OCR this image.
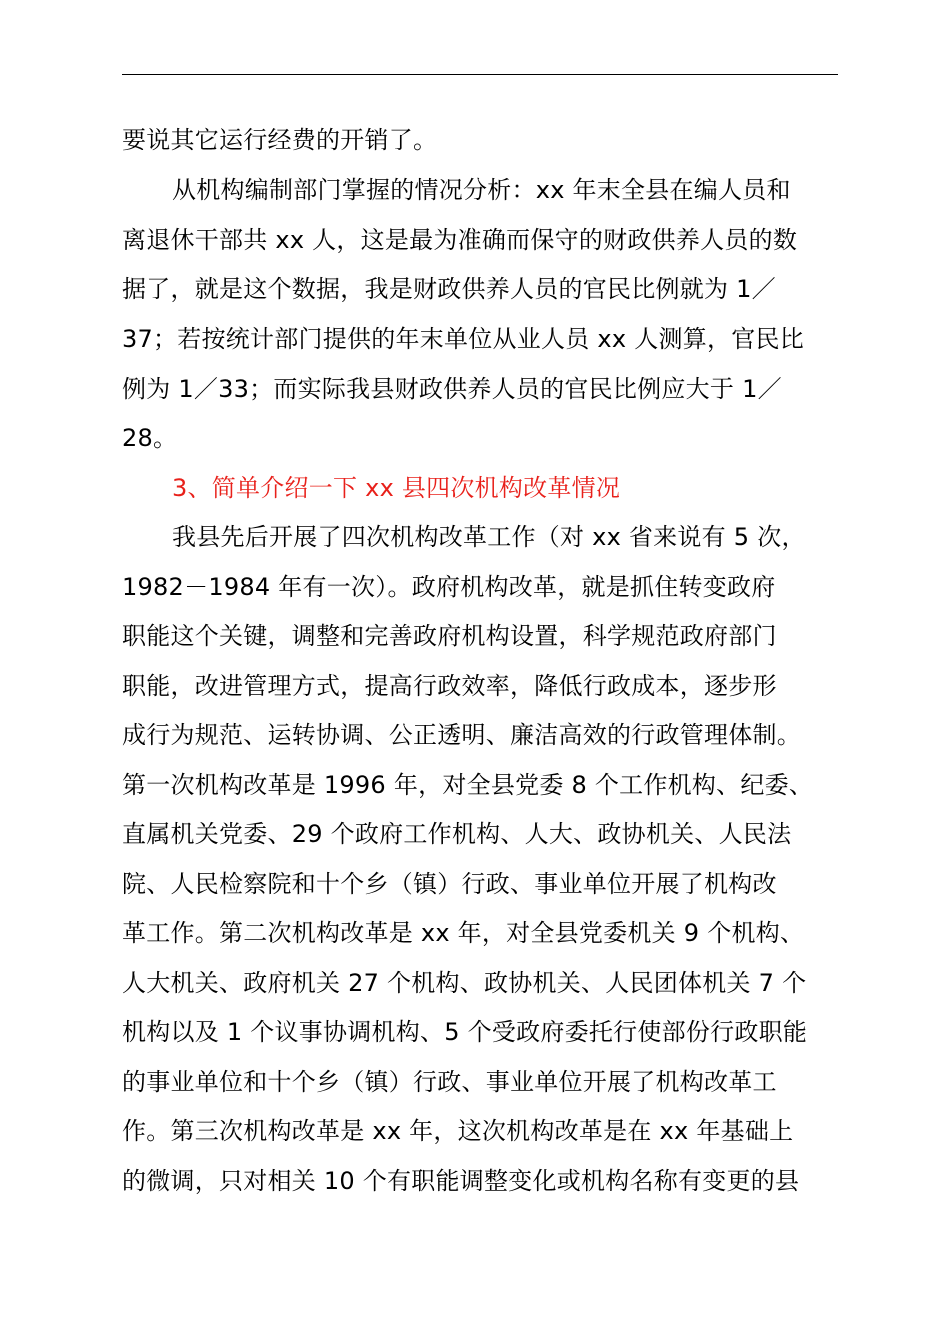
要说其它运行经费的开销了。
从机构编制部门掌握的情况分析：xx 年末全县在编人员和
离退休干部共 xx 人，这是最为准确而保守的财政供养人员的数
据了，就是这个数据，我是财政供养人员的官民比例就为 1／
37；若按统计部门提供的年末单位从业人员 xx 人测算，官民比
例为 1／33；而实际我县财政供养人员的官民比例应大于 1／
28。
3、简单介绍一下 xx 县四次机构改革情况
我县先后开展了四次机构改革工作（对 xx 省来说有 5 次，
1982－1984 年有一次）。政府机构改革，就是抓住转变政府
职能这个关键，调整和完善政府机构设置，科学规范政府部门
职能，改进管理方式，提高行政效率，降低行政成本，逐步形
成行为规范、运转协调、公正透明、廉洁高效的行政管理体制。
第一次机构改革是 1996 年，对全县党委 8 个工作机构、纪委、
直属机关党委、29 个政府工作机构、人大、政协机关、人民法
院、人民检察院和十个乡（镇）行政、事业单位开展了机构改
革工作。第二次机构改革是 xx 年，对全县党委机关 9 个机构、
人大机关、政府机关 27 个机构、政协机关、人民团体机关 7 个
机构以及 1 个议事协调机构、5 个受政府委托行使部份行政职能
的事业单位和十个乡（镇）行政、事业单位开展了机构改革工
作。第三次机构改革是 xx 年，这次机构改革是在 xx 年基础上
的微调，只对相关 10 个有职能调整变化或机构名称有变更的县
